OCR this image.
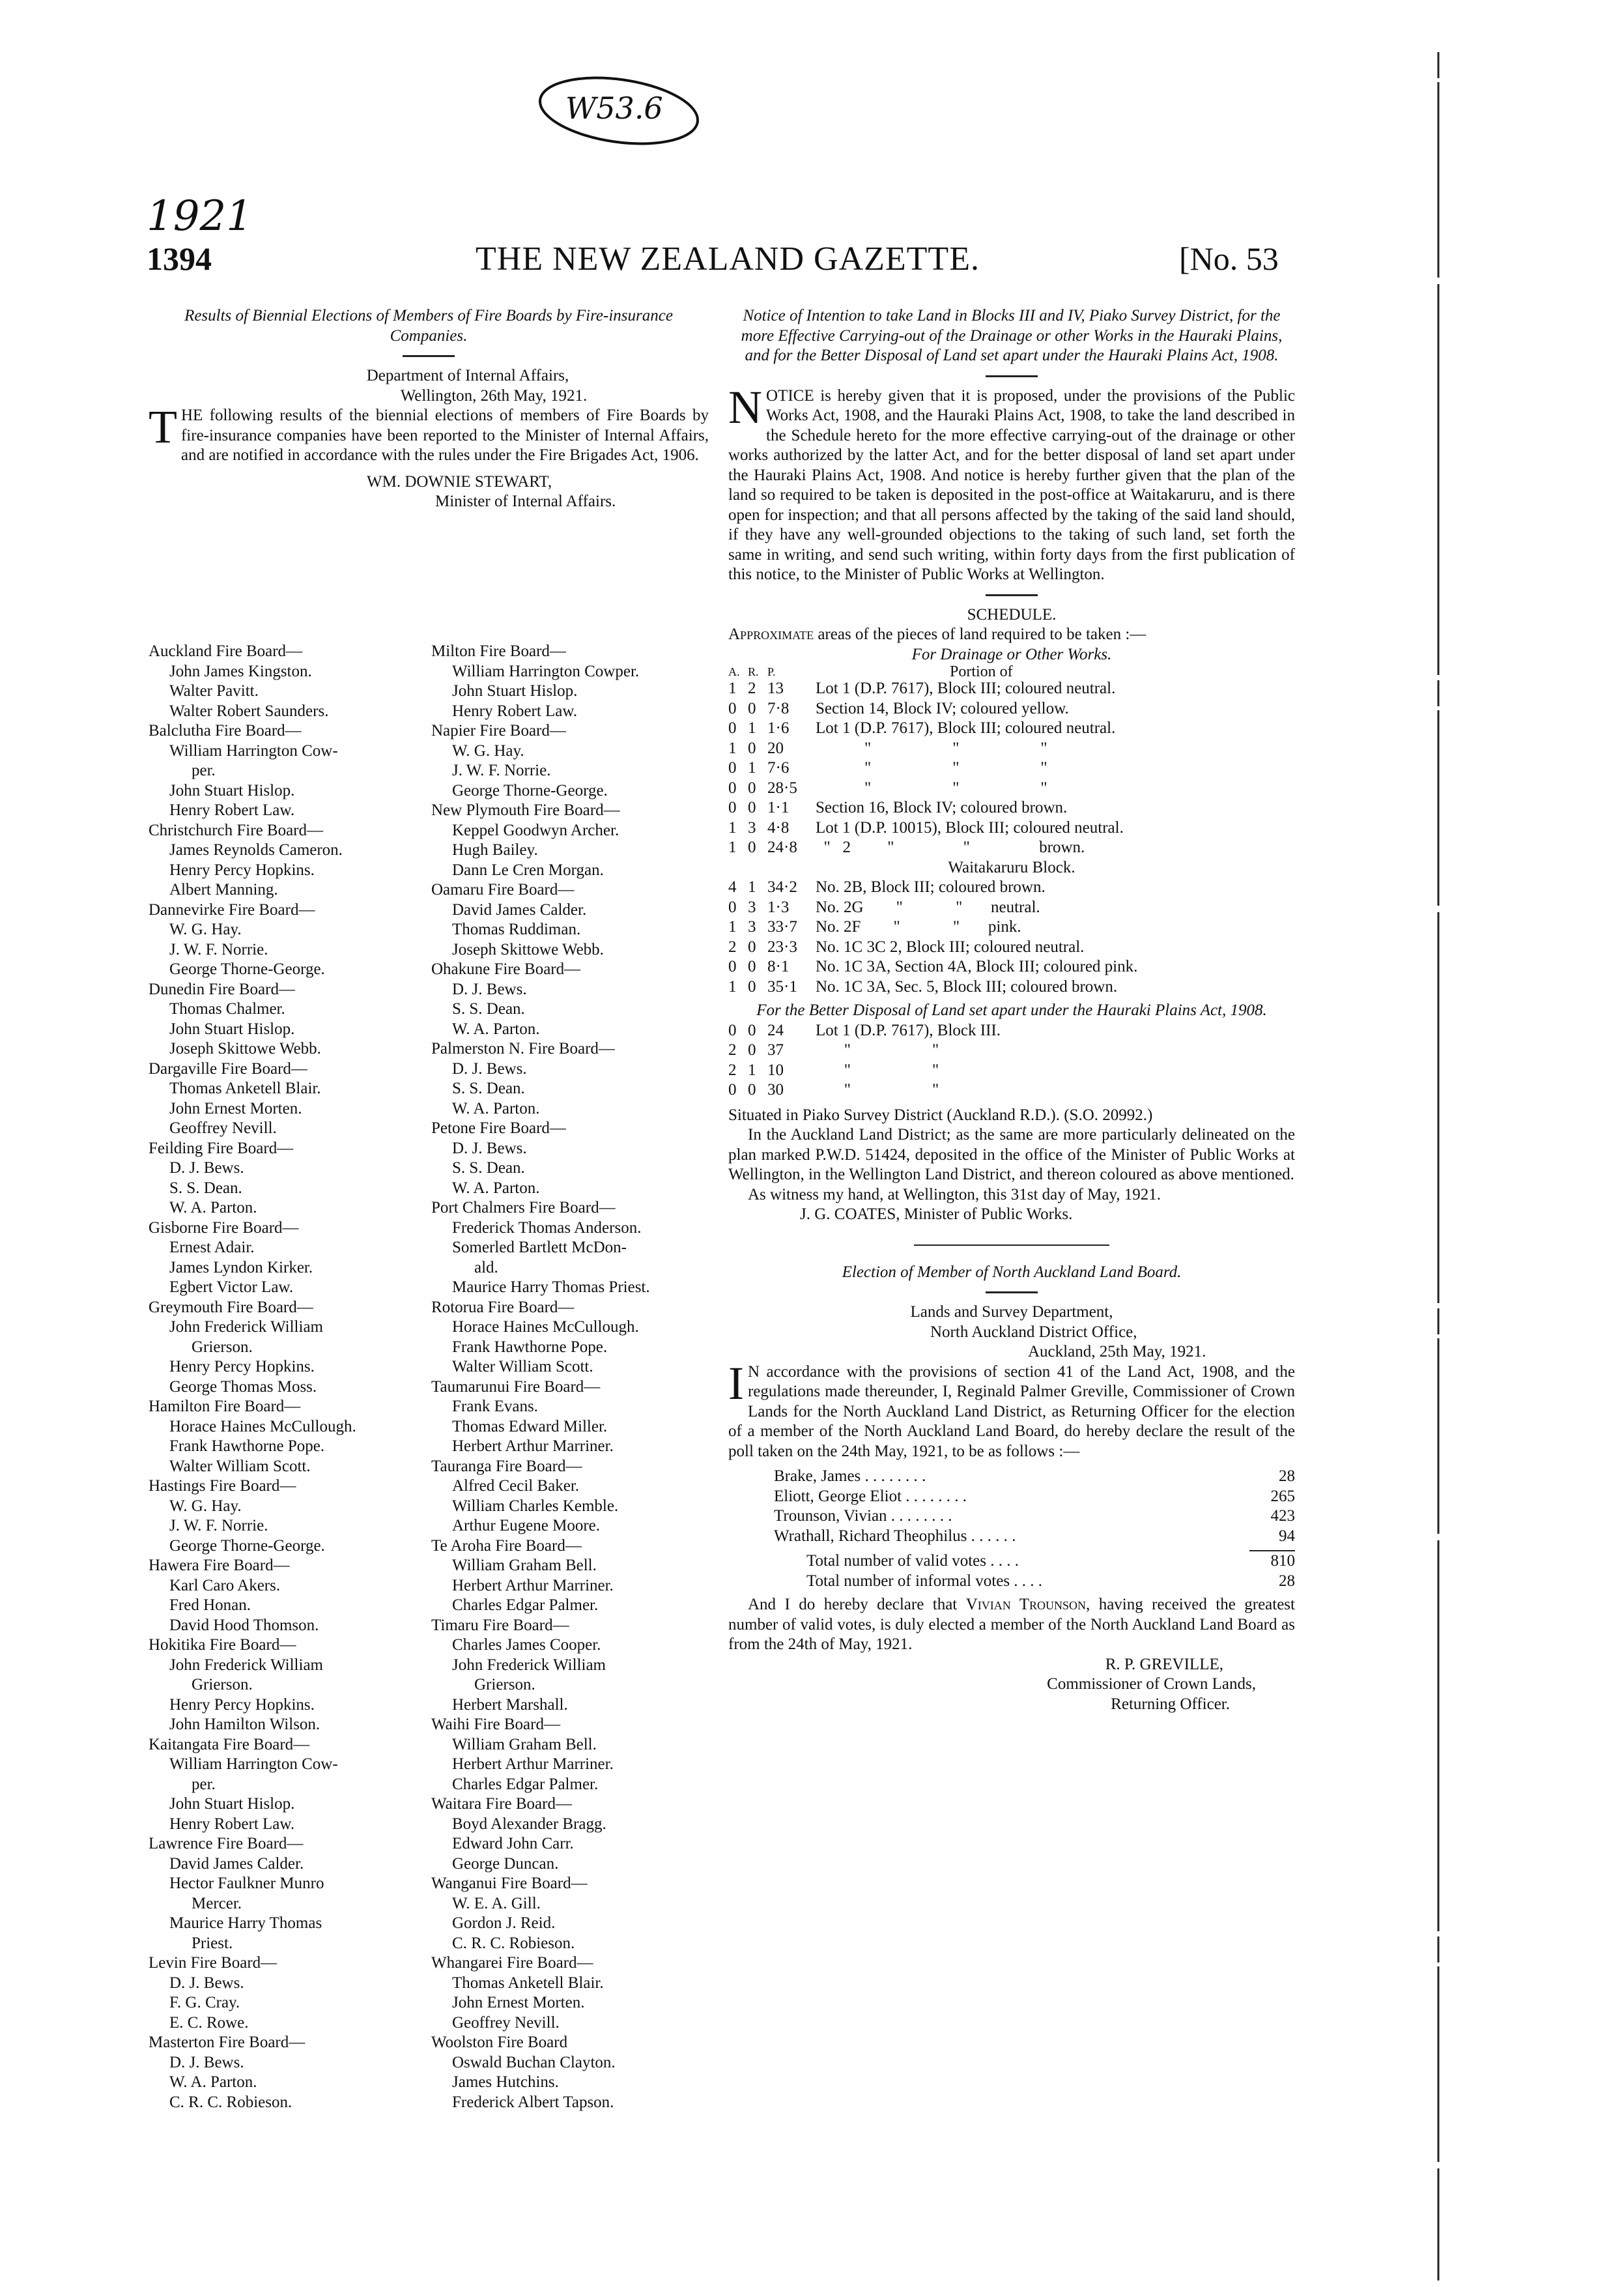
W53.6
1921
1394	THE NEW ZEALAND GAZETTE.	[No. 53
Results of Biennial Elections of Members of Fire Boards by Fire-insurance Companies.
Department of Internal Affairs,
Wellington, 26th May, 1921.
THE following results of the biennial elections of members of Fire Boards by fire-insurance companies have been reported to the Minister of Internal Affairs, and are notified in accordance with the rules under the Fire Brigades Act, 1906.
WM. DOWNIE STEWART,
Minister of Internal Affairs.
Auckland Fire Board—
John James Kingston.
Walter Pavitt.
Walter Robert Saunders.
Balclutha Fire Board—
William Harrington Cow-
per.
John Stuart Hislop.
Henry Robert Law.
Christchurch Fire Board—
James Reynolds Cameron.
Henry Percy Hopkins.
Albert Manning.
Dannevirke Fire Board—
W. G. Hay.
J. W. F. Norrie.
George Thorne-George.
Dunedin Fire Board—
Thomas Chalmer.
John Stuart Hislop.
Joseph Skittowe Webb.
Dargaville Fire Board—
Thomas Anketell Blair.
John Ernest Morten.
Geoffrey Nevill.
Feilding Fire Board—
D. J. Bews.
S. S. Dean.
W. A. Parton.
Gisborne Fire Board—
Ernest Adair.
James Lyndon Kirker.
Egbert Victor Law.
Greymouth Fire Board—
John Frederick William
Grierson.
Henry Percy Hopkins.
George Thomas Moss.
Hamilton Fire Board—
Horace Haines McCullough.
Frank Hawthorne Pope.
Walter William Scott.
Hastings Fire Board—
W. G. Hay.
J. W. F. Norrie.
George Thorne-George.
Hawera Fire Board—
Karl Caro Akers.
Fred Honan.
David Hood Thomson.
Hokitika Fire Board—
John Frederick William
Grierson.
Henry Percy Hopkins.
John Hamilton Wilson.
Kaitangata Fire Board—
William Harrington Cow-
per.
John Stuart Hislop.
Henry Robert Law.
Lawrence Fire Board—
David James Calder.
Hector Faulkner Munro
Mercer.
Maurice Harry Thomas
Priest.
Levin Fire Board—
D. J. Bews.
F. G. Cray.
E. C. Rowe.
Masterton Fire Board—
D. J. Bews.
W. A. Parton.
C. R. C. Robieson.
Milton Fire Board—
William Harrington Cowper.
John Stuart Hislop.
Henry Robert Law.
Napier Fire Board—
W. G. Hay.
J. W. F. Norrie.
George Thorne-George.
New Plymouth Fire Board—
Keppel Goodwyn Archer.
Hugh Bailey.
Dann Le Cren Morgan.
Oamaru Fire Board—
David James Calder.
Thomas Ruddiman.
Joseph Skittowe Webb.
Ohakune Fire Board—
D. J. Bews.
S. S. Dean.
W. A. Parton.
Palmerston N. Fire Board—
D. J. Bews.
S. S. Dean.
W. A. Parton.
Petone Fire Board—
D. J. Bews.
S. S. Dean.
W. A. Parton.
Port Chalmers Fire Board—
Frederick Thomas Anderson.
Somerled Bartlett McDon-
ald.
Maurice Harry Thomas Priest.
Rotorua Fire Board—
Horace Haines McCullough.
Frank Hawthorne Pope.
Walter William Scott.
Taumarunui Fire Board—
Frank Evans.
Thomas Edward Miller.
Herbert Arthur Marriner.
Tauranga Fire Board—
Alfred Cecil Baker.
William Charles Kemble.
Arthur Eugene Moore.
Te Aroha Fire Board—
William Graham Bell.
Herbert Arthur Marriner.
Charles Edgar Palmer.
Timaru Fire Board—
Charles James Cooper.
John Frederick William
Grierson.
Herbert Marshall.
Waihi Fire Board—
William Graham Bell.
Herbert Arthur Marriner.
Charles Edgar Palmer.
Waitara Fire Board—
Boyd Alexander Bragg.
Edward John Carr.
George Duncan.
Wanganui Fire Board—
W. E. A. Gill.
Gordon J. Reid.
C. R. C. Robieson.
Whangarei Fire Board—
Thomas Anketell Blair.
John Ernest Morten.
Geoffrey Nevill.
Woolston Fire Board
Oswald Buchan Clayton.
James Hutchins.
Frederick Albert Tapson.
Notice of Intention to take Land in Blocks III and IV, Piako Survey District, for the more Effective Carrying-out of the Drainage or other Works in the Hauraki Plains, and for the Better Disposal of Land set apart under the Hauraki Plains Act, 1908.
NOTICE is hereby given that it is proposed, under the provisions of the Public Works Act, 1908, and the Hauraki Plains Act, 1908, to take the land described in the Schedule hereto for the more effective carrying-out of the drainage or other works authorized by the latter Act, and for the better disposal of land set apart under the Hauraki Plains Act, 1908. And notice is hereby further given that the plan of the land so required to be taken is deposited in the post-office at Waitakaruru, and is there open for inspection; and that all persons affected by the taking of the said land should, if they have any well-grounded objections to the taking of such land, set forth the same in writing, and send such writing, within forty days from the first publication of this notice, to the Minister of Public Works at Wellington.
SCHEDULE.
Approximate areas of the pieces of land required to be taken :—
For Drainage or Other Works.
A. R. P.	Portion of
1 2 13	Lot 1 (D.P. 7617), Block III; coloured neutral.
0 0 7·8	Section 14, Block IV; coloured yellow.
0 1 1·6	Lot 1 (D.P. 7617), Block III; coloured neutral.
1 0 20	"                    "                    "
0 1 7·6	"                    "                    "
0 0 28·5	"                    "                    "
0 0 1·1	Section 16, Block IV; coloured brown.
1 3 4·8	Lot 1 (D.P. 10015), Block III; coloured neutral.
1 0 24·8	"   2         "                 "                 brown.
Waitakaruru Block.
4 1 34·2	No. 2B, Block III; coloured brown.
0 3 1·3	No. 2G        "             "       neutral.
1 3 33·7	No. 2F        "             "       pink.
2 0 23·3	No. 1C 3C 2, Block III; coloured neutral.
0 0 8·1	No. 1C 3A, Section 4A, Block III; coloured pink.
1 0 35·1	No. 1C 3A, Sec. 5, Block III; coloured brown.
For the Better Disposal of Land set apart under the Hauraki Plains Act, 1908.
0 0 24	Lot 1 (D.P. 7617), Block III.
2 0 37	"                    "
2 1 10	"                    "
0 0 30	"                    "
Situated in Piako Survey District (Auckland R.D.). (S.O. 20992.)
In the Auckland Land District; as the same are more particularly delineated on the plan marked P.W.D. 51424, deposited in the office of the Minister of Public Works at Wellington, in the Wellington Land District, and thereon coloured as above mentioned.
As witness my hand, at Wellington, this 31st day of May, 1921.
J. G. COATES, Minister of Public Works.
Election of Member of North Auckland Land Board.
Lands and Survey Department,
North Auckland District Office,
Auckland, 25th May, 1921.
I N accordance with the provisions of section 41 of the Land Act, 1908, and the regulations made thereunder, I, Reginald Palmer Greville, Commissioner of Crown Lands for the North Auckland Land District, as Returning Officer for the election of a member of the North Auckland Land Board, do hereby declare the result of the poll taken on the 24th May, 1921, to be as follows :—
Brake, James . . . . . . . .	28
Eliott, George Eliot . . . . . . . .	265
Trounson, Vivian . . . . . . . .	423
Wrathall, Richard Theophilus . . . . . .	94
Total number of valid votes . . . .	810
Total number of informal votes . . . .	28
And I do hereby declare that Vivian Trounson, having received the greatest number of valid votes, is duly elected a member of the North Auckland Land Board as from the 24th of May, 1921.
R. P. GREVILLE,
Commissioner of Crown Lands,
Returning Officer.
